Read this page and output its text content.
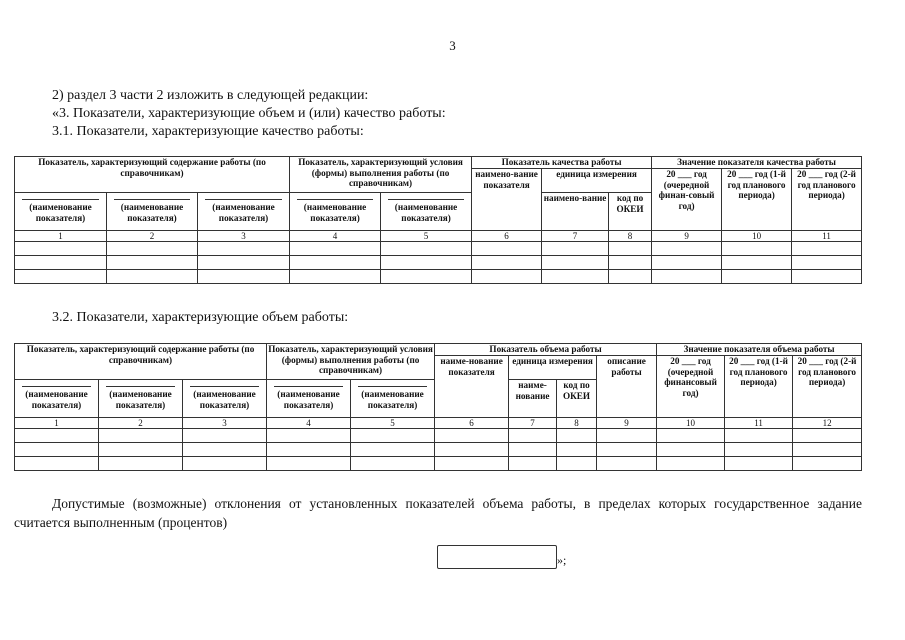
3
2) раздел 3 части 2 изложить в следующей редакции:
«3. Показатели, характеризующие объем и (или) качество работы:
3.1. Показатели, характеризующие качество работы:
Показатель, характеризующий содержание работы (по справочникам)			Показатель, характеризующий условия (формы) выполнения работы (по справочникам)		Показатель качества работы			Значение показателя качества работы		
					наимено-вание показателя	единица измерения		20 ___ год (очередной финан-совый год)	20 ___ год (1-й год планового периода)	20 ___ год (2-й год планового периода)

(наименование показателя)	(наименование показателя)	(наименование показателя)	(наименование показателя)	(наименование показателя)		наимено-вание	код по ОКЕИ			
1	2	3	4	5	6	7	8	9	10	11

3.2. Показатели, характеризующие объем работы:
Показатель, характеризующий содержание работы (по справочникам)			Показатель, характеризующий условия (формы) выполнения работы (по справочникам)		Показатель объема работы				Значение показателя объема работы		
					наиме-нование показателя	единица измерения		описание работы	20 ___ год (очередной финансовый год)	20 ___ год (1-й год планового периода)	20 ___ год (2-й год планового периода)

(наименование показателя)	(наименование показателя)	(наименование показателя)	(наименование показателя)	(наименование показателя)		наиме-нование	код по ОКЕИ				
1	2	3	4	5	6	7	8	9	10	11	12

Допустимые (возможные) отклонения от установленных показателей объема работы, в пределах которых государственное задание считается выполненным (процентов)
»;
